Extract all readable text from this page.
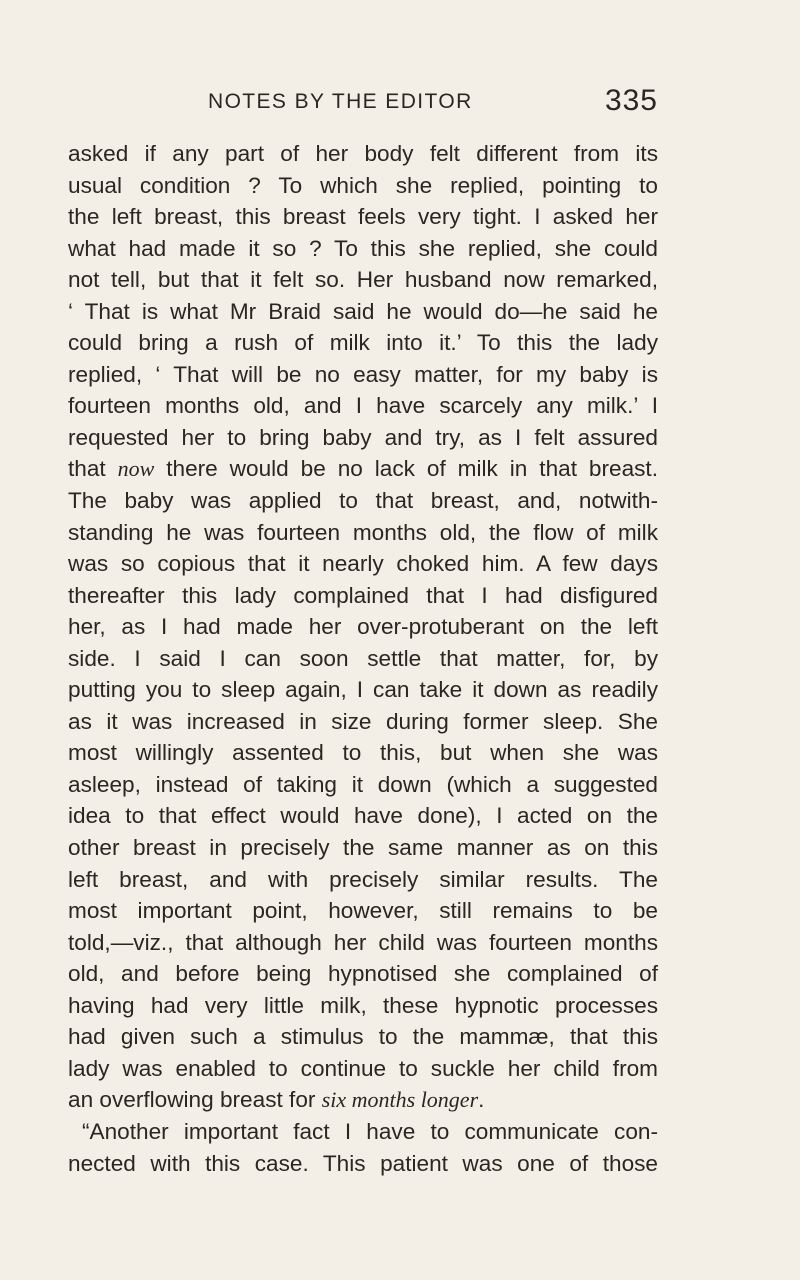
NOTES BY THE EDITOR	335
asked if any part of her body felt different from its
usual condition ? To which she replied, pointing to
the left breast, this breast feels very tight. I asked her
what had made it so ? To this she replied, she could
not tell, but that it felt so. Her husband now remarked,
‘ That is what Mr Braid said he would do—he said he
could bring a rush of milk into it.’ To this the lady
replied, ‘ That will be no easy matter, for my baby is
fourteen months old, and I have scarcely any milk.’ I
requested her to bring baby and try, as I felt assured
that now there would be no lack of milk in that breast.
The baby was applied to that breast, and, notwith-
standing he was fourteen months old, the flow of milk
was so copious that it nearly choked him. A few days
thereafter this lady complained that I had disfigured
her, as I had made her over-protuberant on the left
side. I said I can soon settle that matter, for, by
putting you to sleep again, I can take it down as readily
as it was increased in size during former sleep. She
most willingly assented to this, but when she was
asleep, instead of taking it down (which a suggested
idea to that effect would have done), I acted on the
other breast in precisely the same manner as on this
left breast, and with precisely similar results. The
most important point, however, still remains to be
told,—viz., that although her child was fourteen months
old, and before being hypnotised she complained of
having had very little milk, these hypnotic processes
had given such a stimulus to the mammæ, that this
lady was enabled to continue to suckle her child from
an overflowing breast for six months longer.
“Another important fact I have to communicate con-
nected with this case. This patient was one of those
